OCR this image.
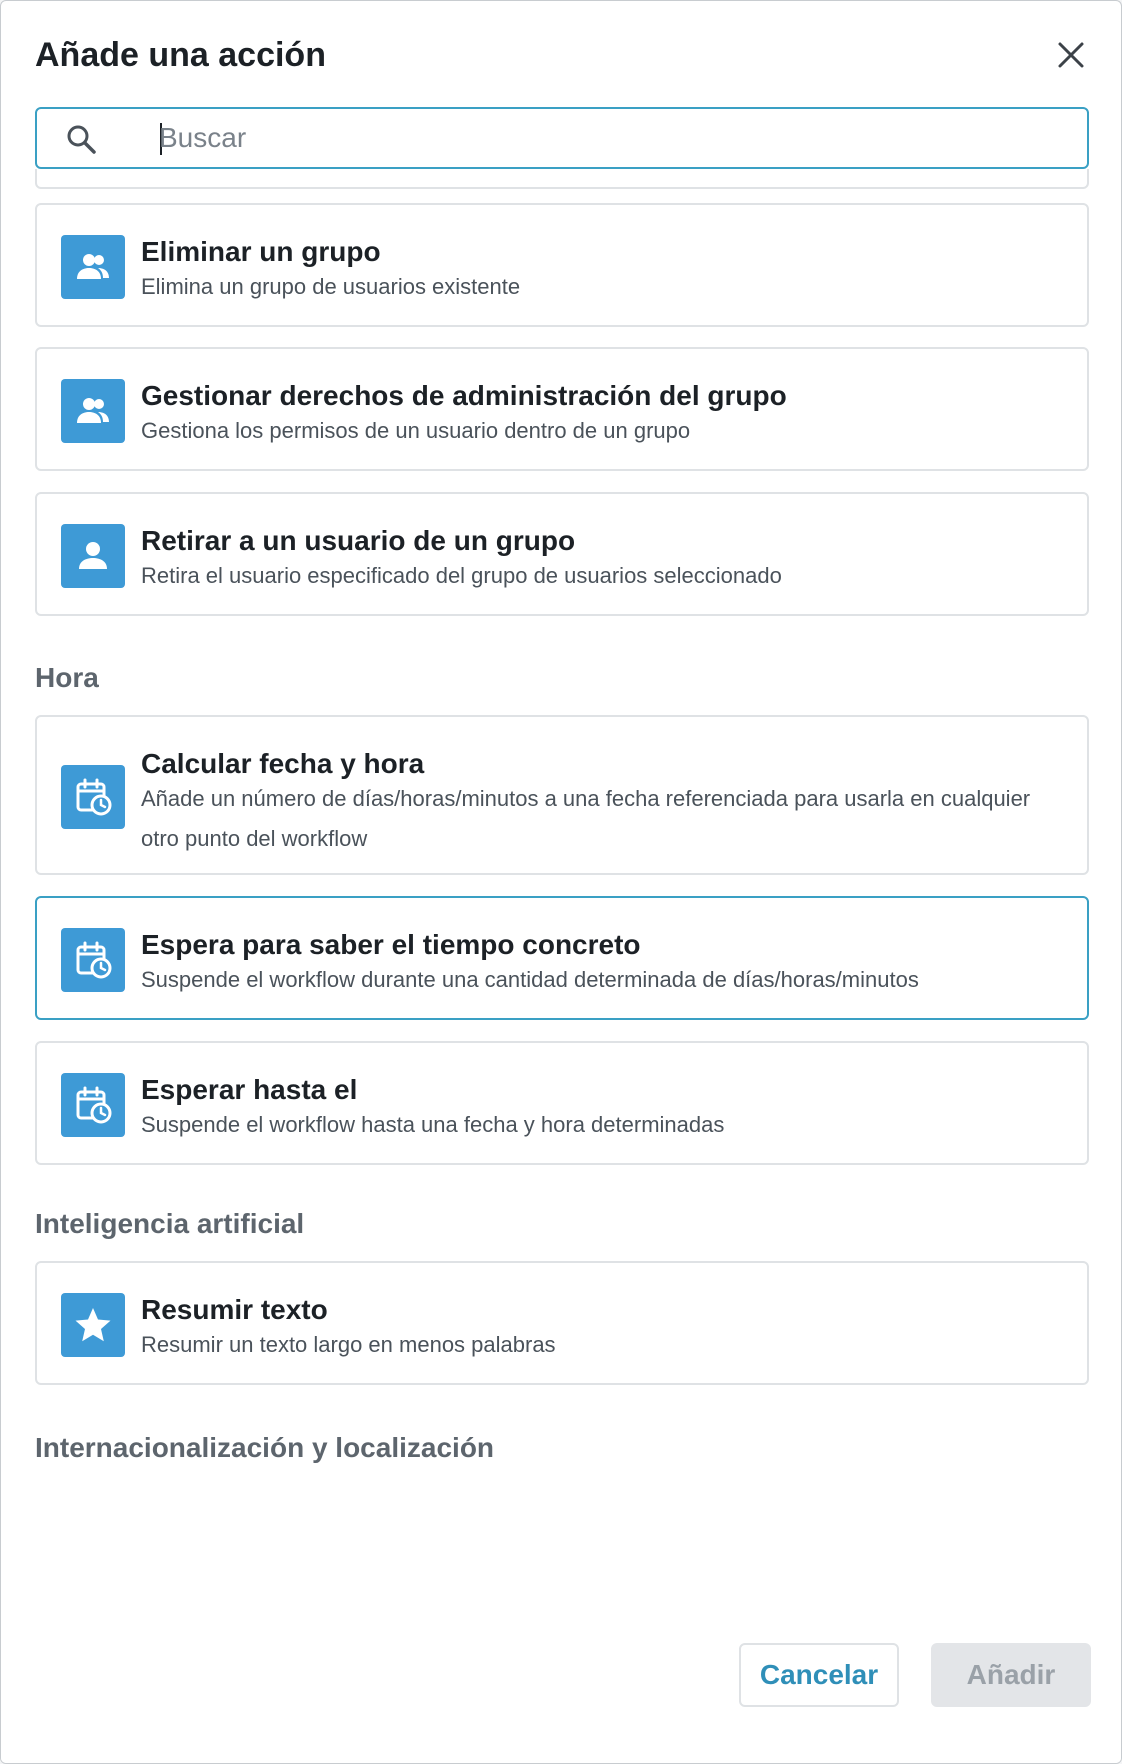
Añade una acción
Buscar
Eliminar un grupo
Elimina un grupo de usuarios existente
Gestionar derechos de administración del grupo
Gestiona los permisos de un usuario dentro de un grupo
Retirar a un usuario de un grupo
Retira el usuario especificado del grupo de usuarios seleccionado
Hora
Calcular fecha y hora
Añade un número de días/horas/minutos a una fecha referenciada para usarla en cualquier otro punto del workflow
Espera para saber el tiempo concreto
Suspende el workflow durante una cantidad determinada de días/horas/minutos
Esperar hasta el
Suspende el workflow hasta una fecha y hora determinadas
Inteligencia artificial
Resumir texto
Resumir un texto largo en menos palabras
Internacionalización y localización
Cancelar	Añadir
